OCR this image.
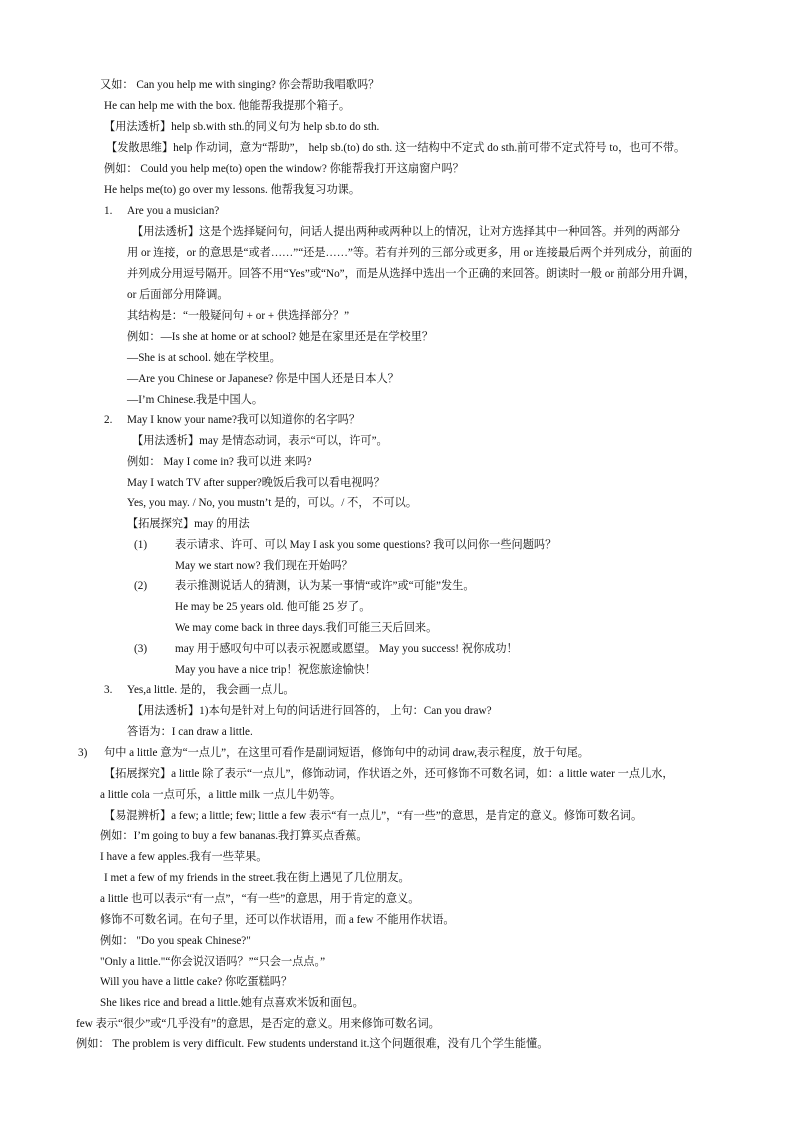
又如： Can you help me with singing? 你会帮助我唱歌吗？
He can help me with the box. 他能帮我提那个箱子。
【用法透析】help sb.with sth.的同义句为 help sb.to do sth.
【发散思维】help 作动词，意为“帮助”， help sb.(to) do sth. 这一结构中不定式 do sth.前可带不定式符号 to，也可不带。
例如： Could you help me(to) open the window? 你能帮我打开这扇窗户吗？
He helps me(to) go over my lessons. 他帮我复习功课。
1. Are you a musician?
【用法透析】这是个选择疑问句，问话人提出两种或两种以上的情况，让对方选择其中一种回答。并列的两部分
用 or 连接，or 的意思是“或者……”“还是……”等。若有并列的三部分或更多，用 or 连接最后两个并列成分，前面的
并列成分用逗号隔开。回答不用“Yes”或“No”，而是从选择中选出一个正确的来回答。朗读时一般 or 前部分用升调，
or 后面部分用降调。
其结构是：“一般疑问句 + or + 供选择部分？”
例如：—Is she at home or at school? 她是在家里还是在学校里？
—She is at school. 她在学校里。
—Are you Chinese or Japanese? 你是中国人还是日本人？
—I’m Chinese.我是中国人。
2. May I know your name?我可以知道你的名字吗？
【用法透析】may 是情态动词，表示“可以，许可”。
例如： May I come in? 我可以进 来吗?
May I watch TV after supper?晚饭后我可以看电视吗？
Yes, you may. / No, you mustn’t 是的，可以。/ 不， 不可以。
【拓展探究】may 的用法
(1) 表示请求、许可、可以 May I ask you some questions? 我可以问你一些问题吗？
May we start now? 我们现在开始吗？
(2) 表示推测说话人的猜测，认为某一事情“或许”或“可能”发生。
He may be 25 years old. 他可能 25 岁了。
We may come back in three days.我们可能三天后回来。
(3) may 用于感叹句中可以表示祝愿或愿望。 May you success! 祝你成功！
May you have a nice trip！祝您旅途愉快！
3. Yes,a little. 是的， 我会画一点儿。
【用法透析】1)本句是针对上句的问话进行回答的， 上句：Can you draw?
答语为：I can draw a little.
3) 句中 a little 意为“一点儿”，在这里可看作是副词短语，修饰句中的动词 draw,表示程度，放于句尾。
【拓展探究】a little 除了表示“一点儿”，修饰动词，作状语之外，还可修饰不可数名词，如：a little water 一点儿水，
a little cola 一点可乐，a little milk 一点儿牛奶等。
【易混辨析】a few; a little; few; little a few 表示“有一点儿”，“有一些”的意思，是肯定的意义。修饰可数名词。
例如：I’m going to buy a few bananas.我打算买点香蕉。
I have a few apples.我有一些苹果。
I met a few of my friends in the street.我在街上遇见了几位朋友。
a little 也可以表示“有一点”，“有一些”的意思，用于肯定的意义。
修饰不可数名词。在句子里，还可以作状语用，而 a few 不能用作状语。
例如： "Do you speak Chinese?"
"Only a little."“你会说汉语吗？”“只会一点点。”
Will you have a little cake? 你吃蛋糕吗？
She likes rice and bread a little.她有点喜欢米饭和面包。
few 表示“很少”或“几乎没有”的意思，是否定的意义。用来修饰可数名词。
例如： The problem is very difficult. Few students understand it.这个问题很难，没有几个学生能懂。
